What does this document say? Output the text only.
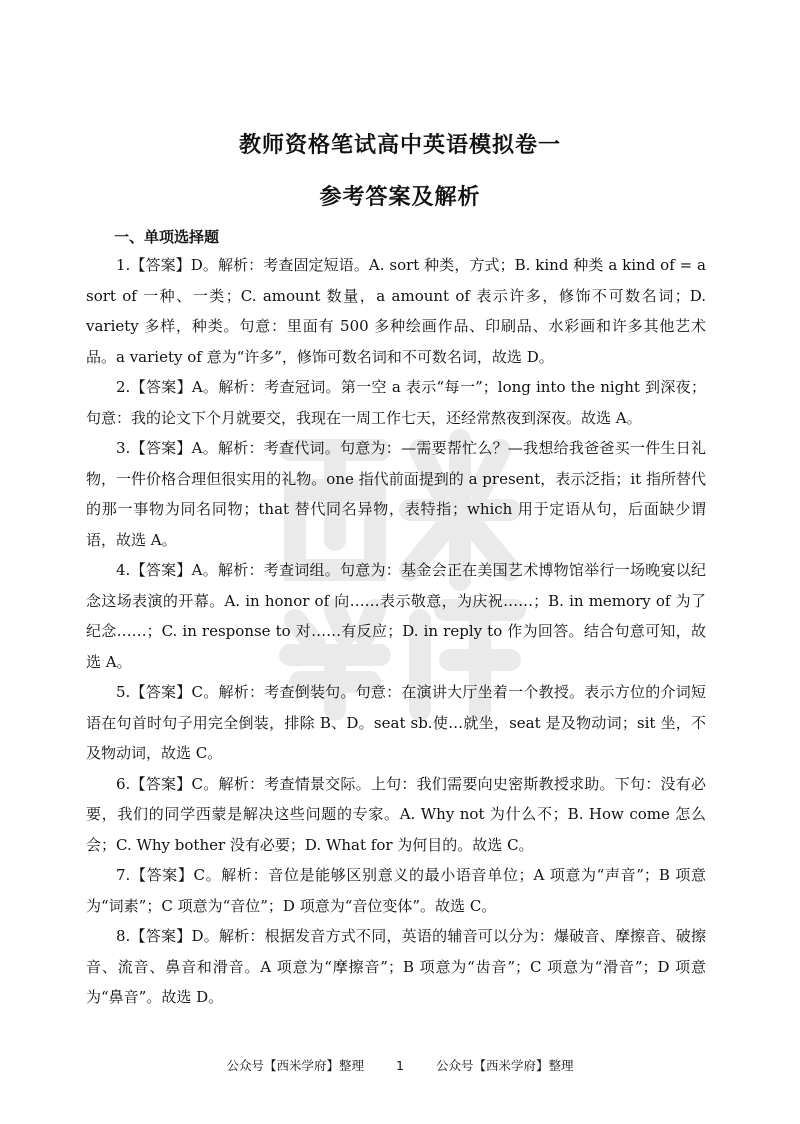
教师资格笔试高中英语模拟卷一
参考答案及解析
一、单项选择题

1.【答案】D。解析：考查固定短语。A. sort 种类，方式；B. kind 种类 a kind of = a sort of 一种、一类；C. amount 数量，a amount of 表示许多，修饰不可数名词；D. variety 多样，种类。句意：里面有 500 多种绘画作品、印刷品、水彩画和许多其他艺术品。a variety of 意为“许多”，修饰可数名词和不可数名词，故选 D。

2.【答案】A。解析：考查冠词。第一空 a 表示“每一”；long into the night 到深夜；句意：我的论文下个月就要交，我现在一周工作七天，还经常熬夜到深夜。故选 A。

3.【答案】A。解析：考查代词。句意为：—需要帮忙么？—我想给我爸爸买一件生日礼物，一件价格合理但很实用的礼物。one 指代前面提到的 a present，表示泛指；it 指所替代的那一事物为同名同物；that 替代同名异物，表特指；which 用于定语从句，后面缺少谓语，故选 A。

4.【答案】A。解析：考查词组。句意为：基金会正在美国艺术博物馆举行一场晚宴以纪念这场表演的开幕。A. in honor of 向……表示敬意，为庆祝……；B. in memory of 为了纪念……；C. in response to 对……有反应；D. in reply to 作为回答。结合句意可知，故选 A。

5.【答案】C。解析：考查倒装句。句意：在演讲大厅坐着一个教授。表示方位的介词短语在句首时句子用完全倒装，排除 B、D。seat sb.使…就坐，seat 是及物动词；sit 坐，不及物动词，故选 C。

6.【答案】C。解析：考查情景交际。上句：我们需要向史密斯教授求助。下句：没有必要，我们的同学西蒙是解决这些问题的专家。A. Why not 为什么不；B. How come 怎么会；C. Why bother 没有必要；D. What for 为何目的。故选 C。

7.【答案】C。解析：音位是能够区别意义的最小语音单位；A 项意为“声音”；B 项意为“词素”；C 项意为“音位”；D 项意为“音位变体”。故选 C。

8.【答案】D。解析：根据发音方式不同，英语的辅音可以分为：爆破音、摩擦音、破擦音、流音、鼻音和滑音。A 项意为“摩擦音”；B 项意为“齿音”；C 项意为“滑音”；D 项意为“鼻音”。故选 D。

公众号【西米学府】整理	1	公众号【西米学府】整理
